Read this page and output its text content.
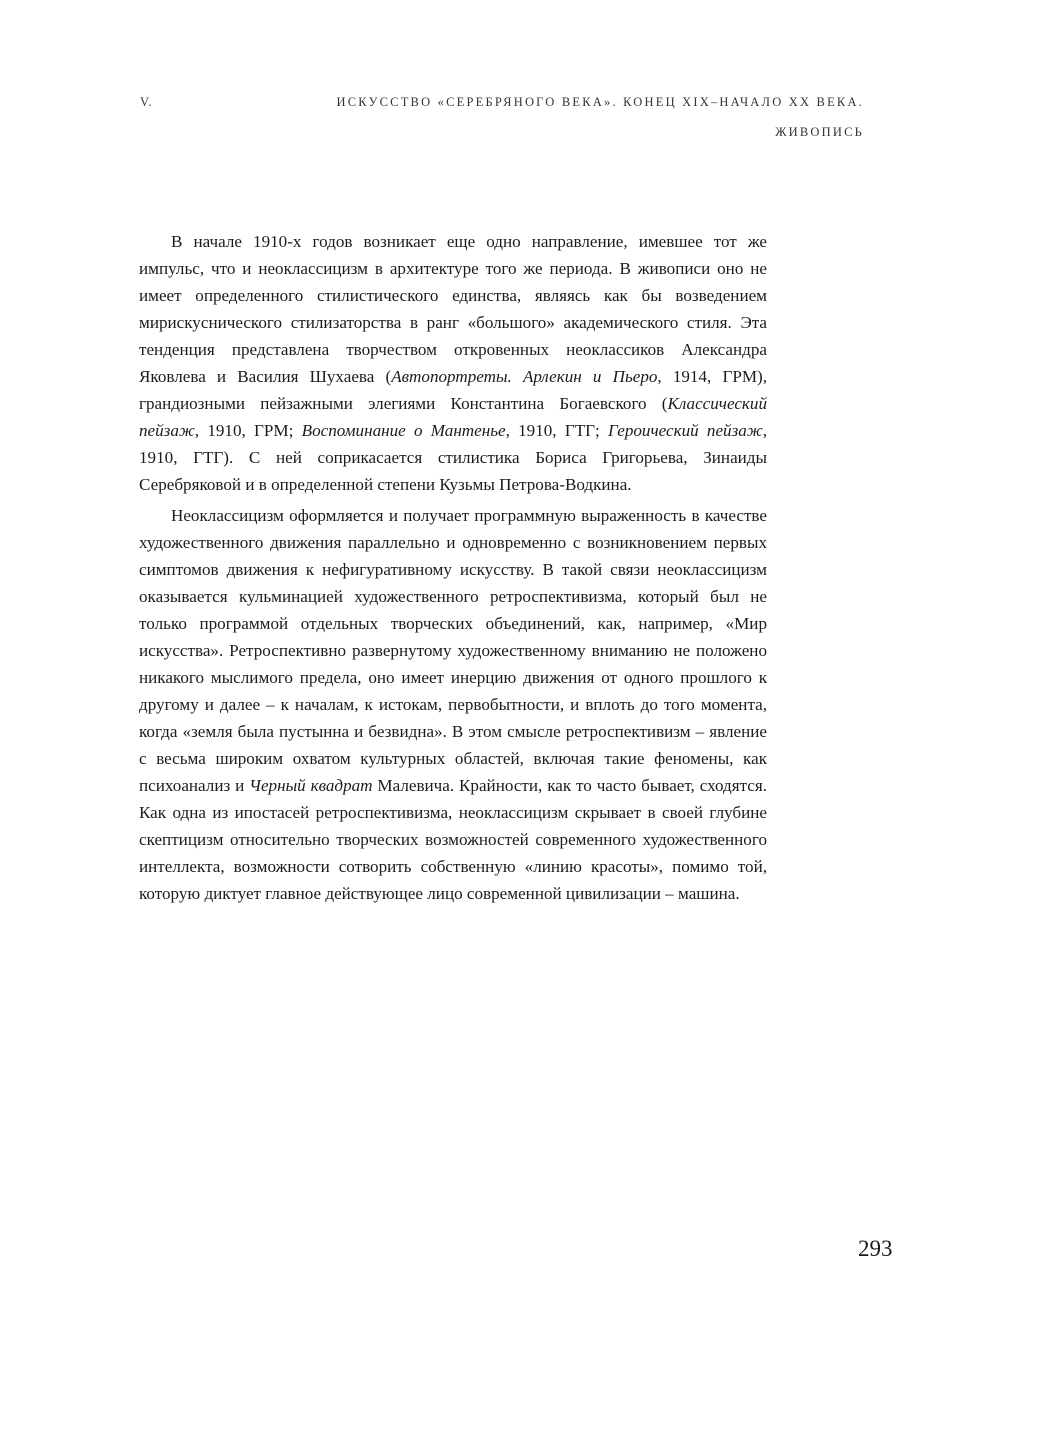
V.	ИСКУССТВО «СЕРЕБРЯНОГО ВЕКА». КОНЕЦ XIX–НАЧАЛО XX ВЕКА.
ЖИВОПИСЬ

В начале 1910-х годов возникает еще одно направление, имевшее тот же импульс, что и неоклассицизм в архитектуре того же периода. В живописи оно не имеет определенного стилистического единства, являясь как бы возведением мирискуснического стилизаторства в ранг «большого» академического стиля. Эта тенденция представлена творчеством откровенных неоклассиков Александра Яковлева и Василия Шухаева (Автопортреты. Арлекин и Пьеро, 1914, ГРМ), грандиозными пейзажными элегиями Константина Богаевского (Классический пейзаж, 1910, ГРМ; Воспоминание о Мантенье, 1910, ГТГ; Героический пейзаж, 1910, ГТГ). С ней соприкасается стилистика Бориса Григорьева, Зинаиды Серебряковой и в определенной степени Кузьмы Петрова-Водкина.

Неоклассицизм оформляется и получает программную выраженность в качестве художественного движения параллельно и одновременно с возникновением первых симптомов движения к нефигуративному искусству. В такой связи неоклассицизм оказывается кульминацией художественного ретроспективизма, который был не только программой отдельных творческих объединений, как, например, «Мир искусства». Ретроспективно развернутому художественному вниманию не положено никакого мыслимого предела, оно имеет инерцию движения от одного прошлого к другому и далее – к началам, к истокам, первобытности, и вплоть до того момента, когда «земля была пустынна и безвидна». В этом смысле ретроспективизм – явление с весьма широким охватом культурных областей, включая такие феномены, как психоанализ и Черный квадрат Малевича. Крайности, как то часто бывает, сходятся. Как одна из ипостасей ретроспективизма, неоклассицизм скрывает в своей глубине скептицизм относительно творческих возможностей современного художественного интеллекта, возможности сотворить собственную «линию красоты», помимо той, которую диктует главное действующее лицо современной цивилизации – машина.

293
